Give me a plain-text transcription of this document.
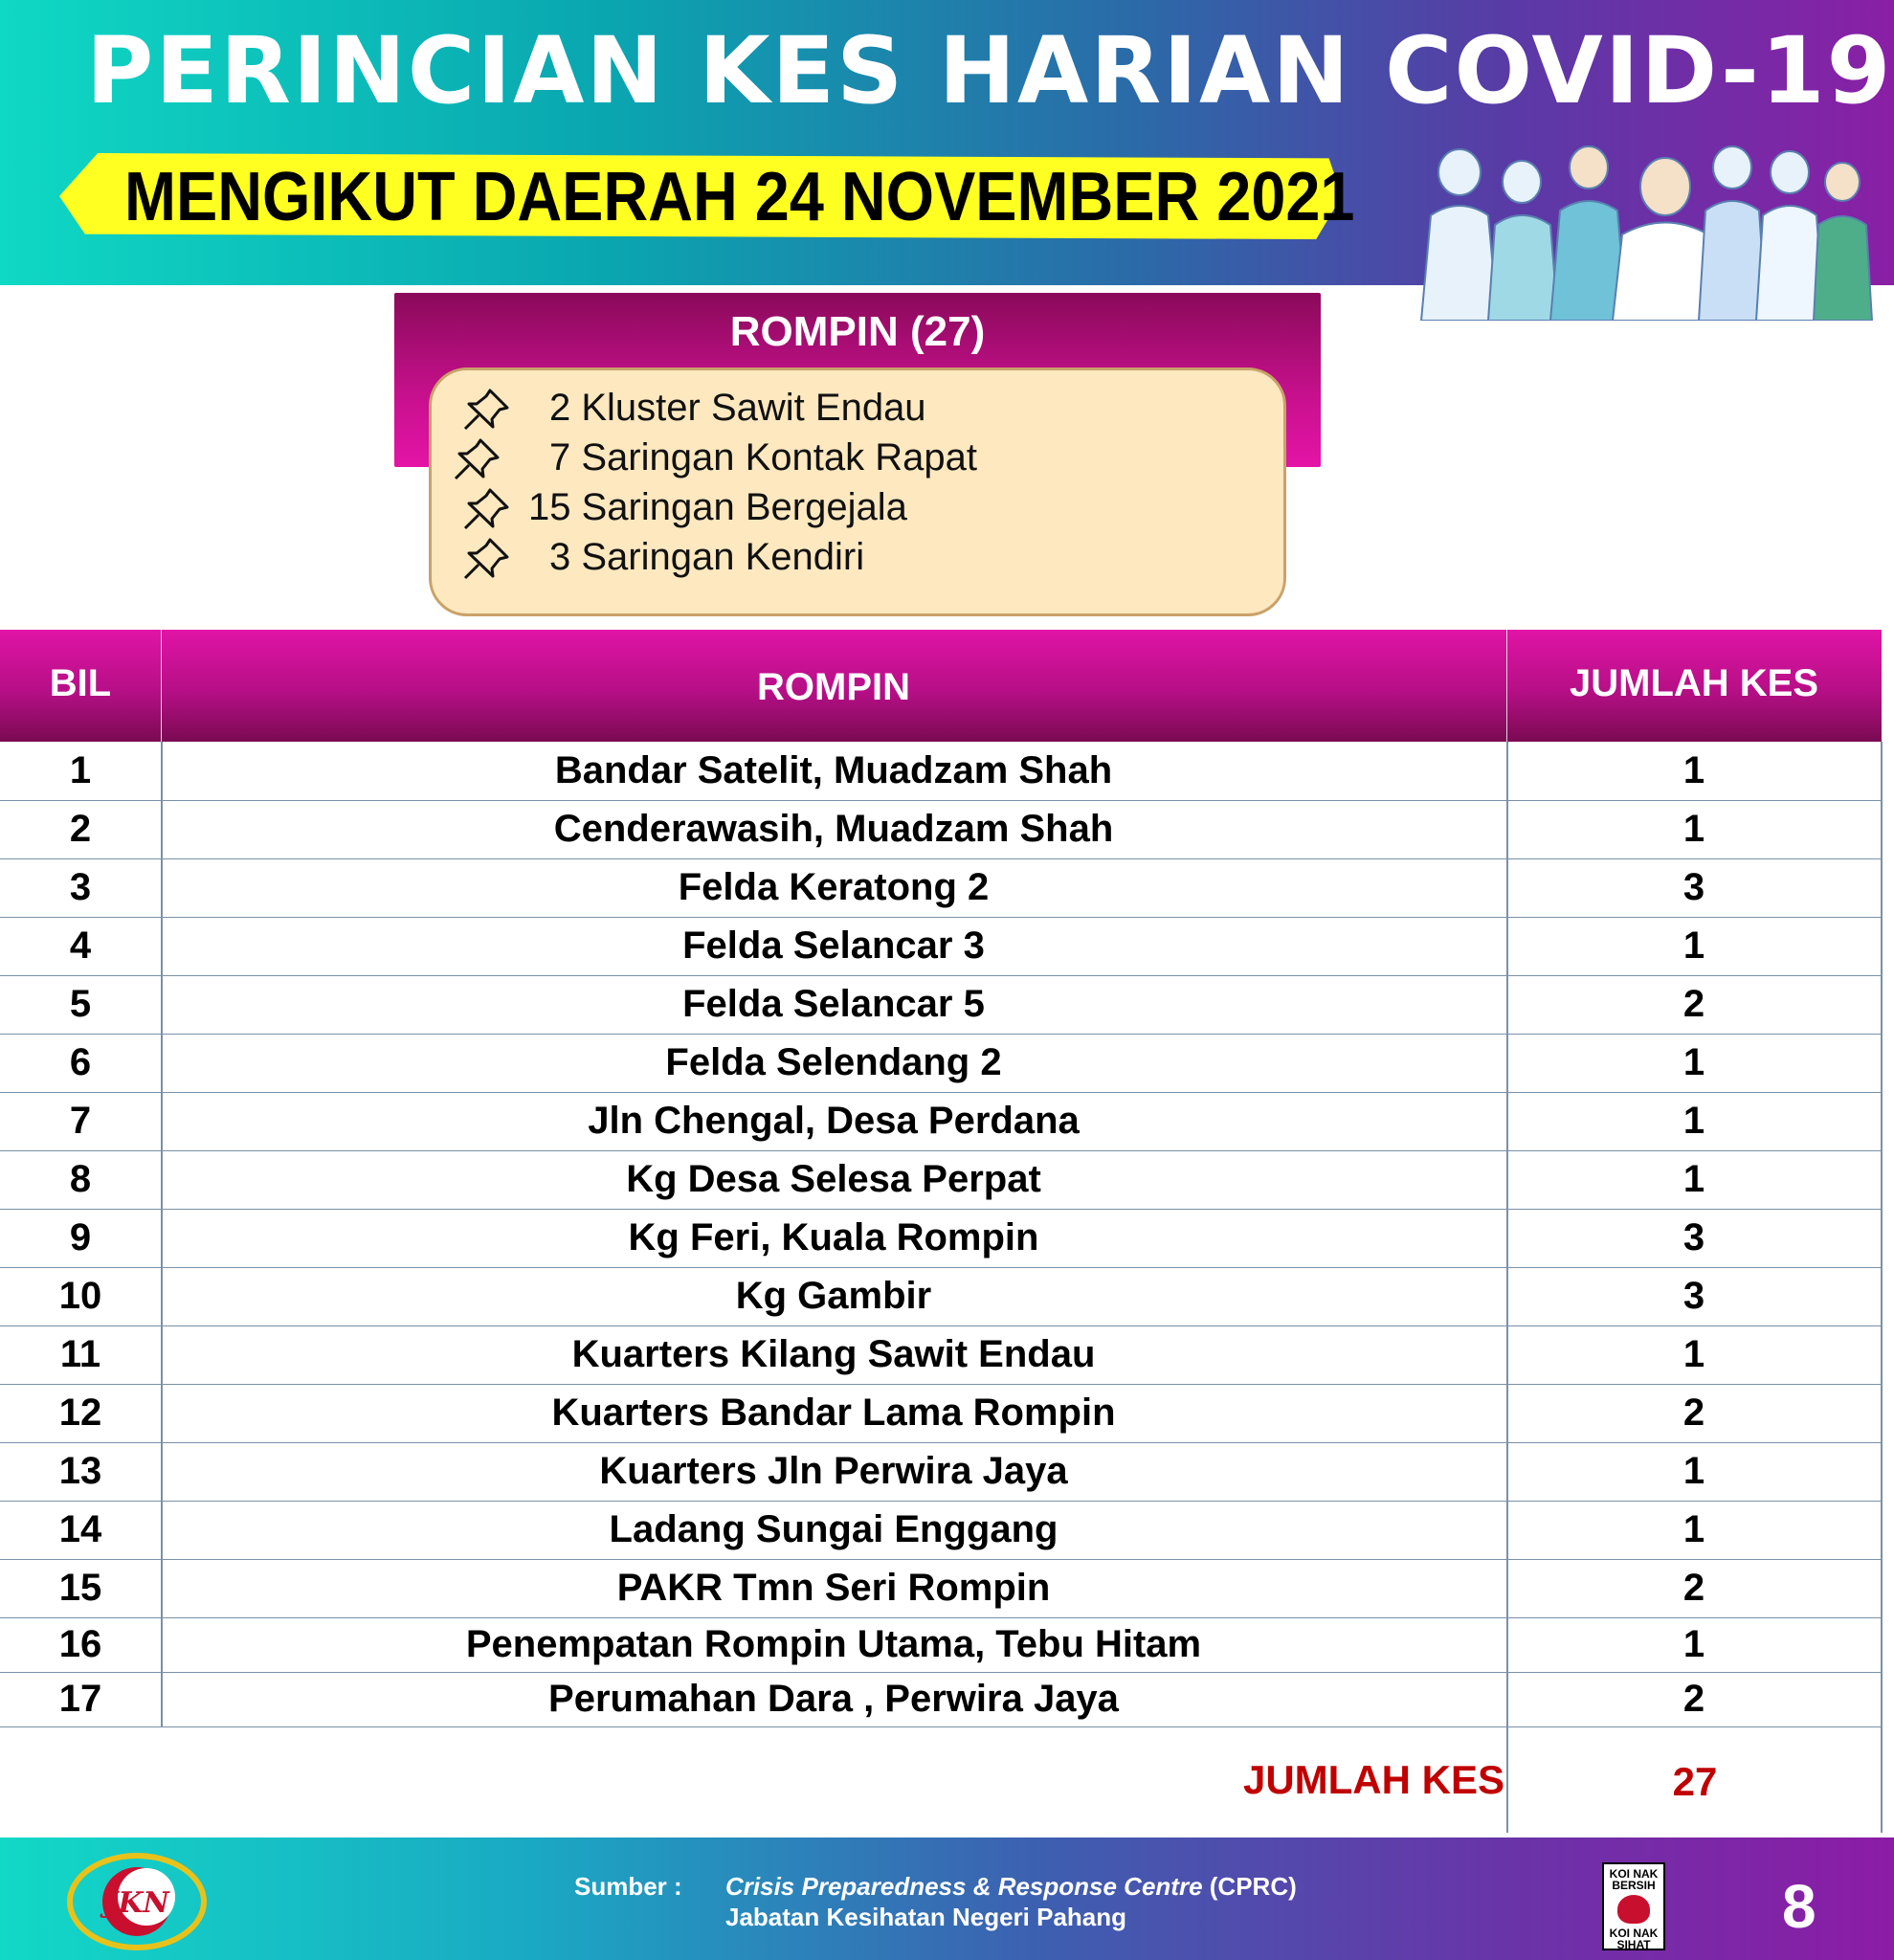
PERINCIAN KES HARIAN COVID-19
MENGIKUT DAERAH 24 NOVEMBER 2021
ROMPIN (27)
2 Kluster Sawit Endau
7 Saringan Kontak Rapat
15 Saringan Bergejala
3 Saringan Kendiri
BIL	ROMPIN	JUMLAH KES
1	Bandar Satelit, Muadzam Shah	1
2	Cenderawasih, Muadzam Shah	1
3	Felda Keratong 2	3
4	Felda Selancar 3	1
5	Felda Selancar 5	2
6	Felda Selendang 2	1
7	Jln Chengal, Desa Perdana	1
8	Kg Desa Selesa Perpat	1
9	Kg Feri, Kuala Rompin	3
10	Kg Gambir	3
11	Kuarters Kilang Sawit Endau	1
12	Kuarters Bandar Lama Rompin	2
13	Kuarters Jln Perwira Jaya	1
14	Ladang Sungai Enggang	1
15	PAKR Tmn Seri Rompin	2
16	Penempatan Rompin Utama, Tebu Hitam	1
17	Perumahan Dara , Perwira Jaya	2
JUMLAH KES	27
JKN	Sumber : Crisis Preparedness & Response Centre (CPRC)
Jabatan Kesihatan Negeri Pahang
KOI NAK BERSIH
KOI NAK SIHAT
8
